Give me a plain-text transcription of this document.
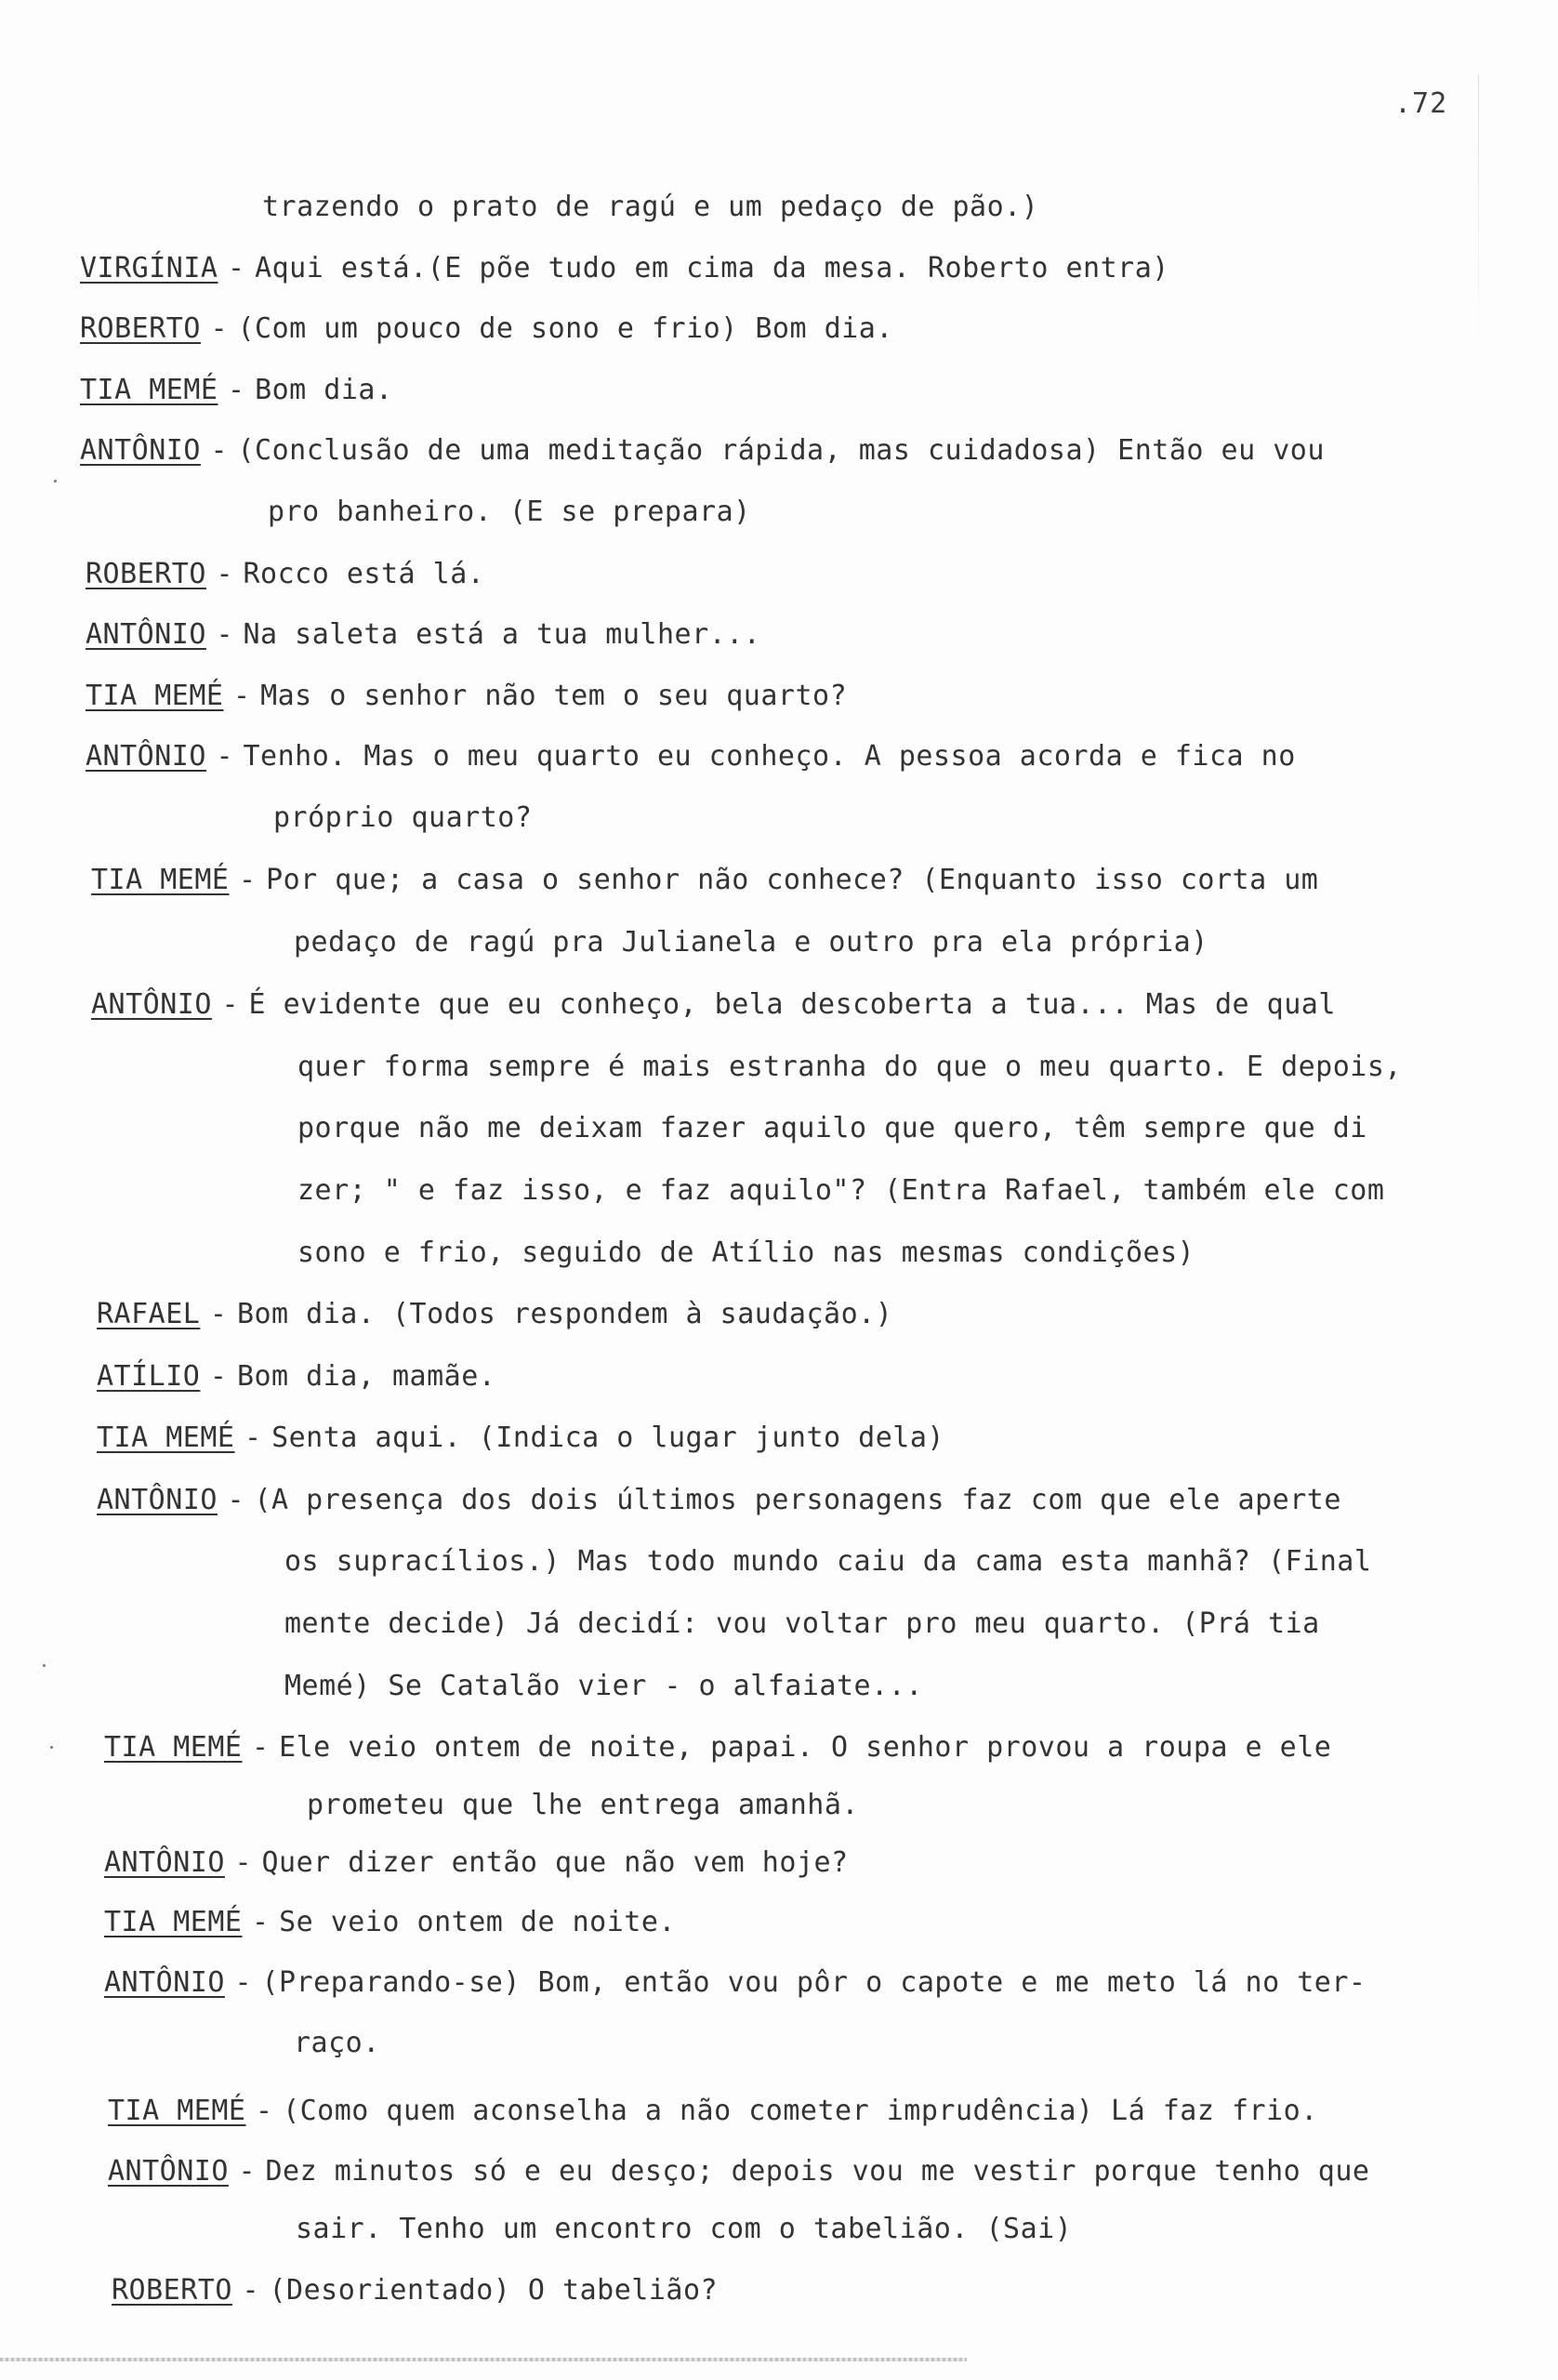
.72
trazendo o prato de ragú e um pedaço de pão.)
VIRGÍNIA - Aqui está.(E põe tudo em cima da mesa. Roberto entra)
ROBERTO - (Com um pouco de sono e frio) Bom dia.
TIA MEMÉ - Bom dia.
ANTÔNIO - (Conclusão de uma meditação rápida, mas cuidadosa) Então eu vou
pro banheiro. (E se prepara)
ROBERTO - Rocco está lá.
ANTÔNIO - Na saleta está a tua mulher...
TIA MEMÉ - Mas o senhor não tem o seu quarto?
ANTÔNIO - Tenho. Mas o meu quarto eu conheço. A pessoa acorda e fica no
próprio quarto?
TIA MEMÉ - Por que; a casa o senhor não conhece? (Enquanto isso corta um
pedaço de ragú pra Julianela e outro pra ela própria)
ANTÔNIO - É evidente que eu conheço, bela descoberta a tua... Mas de qual
quer forma sempre é mais estranha do que o meu quarto. E depois,
porque não me deixam fazer aquilo que quero, têm sempre que di
zer; " e faz isso, e faz aquilo"? (Entra Rafael, também ele com
sono e frio, seguido de Atílio nas mesmas condições)
RAFAEL - Bom dia. (Todos respondem à saudação.)
ATÍLIO - Bom dia, mamãe.
TIA MEMÉ - Senta aqui. (Indica o lugar junto dela)
ANTÔNIO - (A presença dos dois últimos personagens faz com que ele aperte
os supracílios.) Mas todo mundo caiu da cama esta manhã? (Final
mente decide) Já decidí: vou voltar pro meu quarto. (Prá tia
Memé) Se Catalão vier - o alfaiate...
TIA MEMÉ - Ele veio ontem de noite, papai. O senhor provou a roupa e ele
prometeu que lhe entrega amanhã.
ANTÔNIO - Quer dizer então que não vem hoje?
TIA MEMÉ - Se veio ontem de noite.
ANTÔNIO - (Preparando-se) Bom, então vou pôr o capote e me meto lá no ter-
raço.
TIA MEMÉ - (Como quem aconselha a não cometer imprudência) Lá faz frio.
ANTÔNIO - Dez minutos só e eu desço; depois vou me vestir porque tenho que
sair. Tenho um encontro com o tabelião. (Sai)
ROBERTO - (Desorientado) O tabelião?
